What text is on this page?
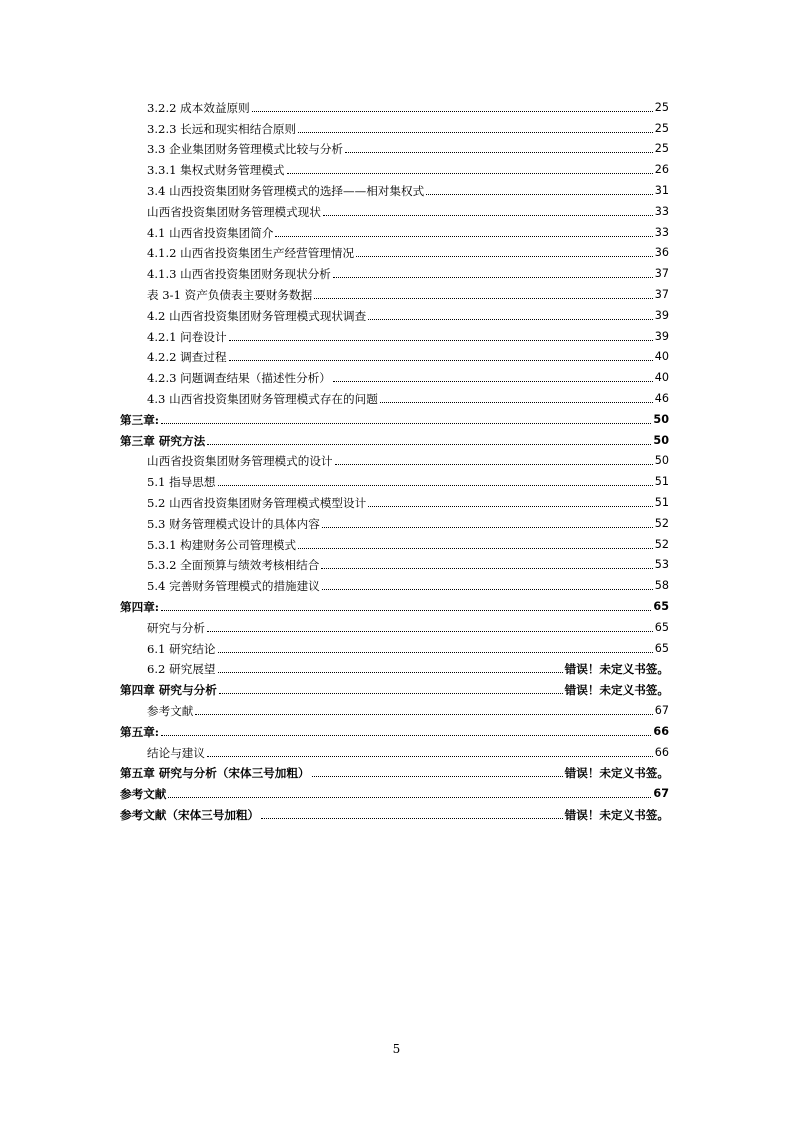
3.2.2 成本效益原则	25
3.2.3 长远和现实相结合原则	25
3.3 企业集团财务管理模式比较与分析	25
3.3.1 集权式财务管理模式	26
3.4 山西投资集团财务管理模式的选择——相对集权式	31
山西省投资集团财务管理模式现状	33
4.1 山西省投资集团简介	33
4.1.2 山西省投资集团生产经营管理情况	36
4.1.3 山西省投资集团财务现状分析	37
表 3-1 资产负债表主要财务数据	37
4.2 山西省投资集团财务管理模式现状调查	39
4.2.1 问卷设计	39
4.2.2 调查过程	40
4.2.3 问题调查结果（描述性分析）	40
4.3 山西省投资集团财务管理模式存在的问题	46
第三章:	50
第三章 研究方法	50
山西省投资集团财务管理模式的设计	50
5.1 指导思想	51
5.2 山西省投资集团财务管理模式模型设计	51
5.3 财务管理模式设计的具体内容	52
5.3.1 构建财务公司管理模式	52
5.3.2 全面预算与绩效考核相结合	53
5.4 完善财务管理模式的措施建议	58
第四章:	65
研究与分析	65
6.1 研究结论	65
6.2 研究展望	错误！未定义书签。
第四章 研究与分析	错误！未定义书签。
参考文献	67
第五章:	66
结论与建议	66
第五章 研究与分析（宋体三号加粗）	错误！未定义书签。
参考文献	67
参考文献（宋体三号加粗）	错误！未定义书签。
5
